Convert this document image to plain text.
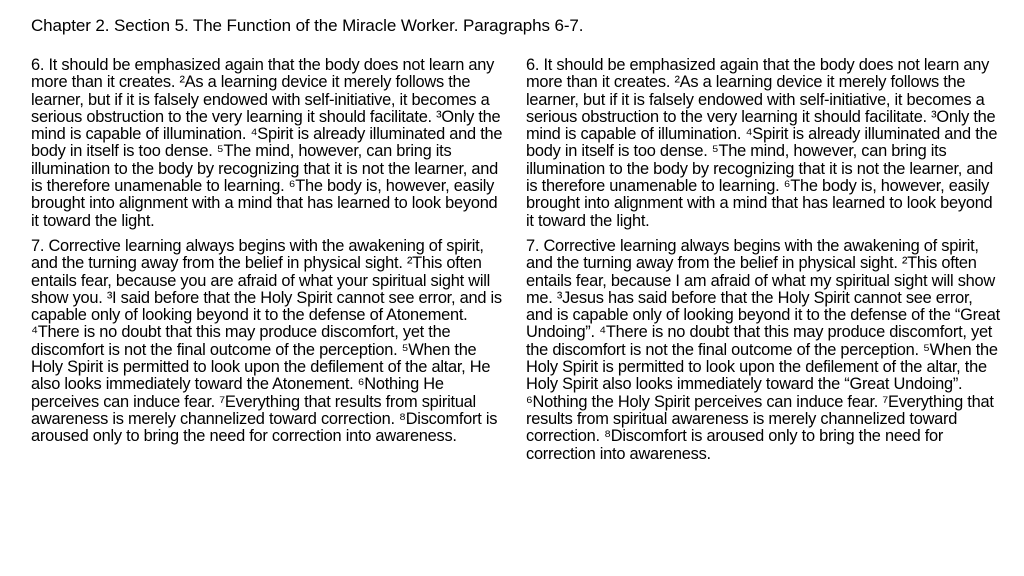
Chapter 2. Section 5. The Function of the Miracle Worker. Paragraphs 6-7.

6. It should be emphasized again that the body does not learn any more than it creates. ²As a learning device it merely follows the learner, but if it is falsely endowed with self-initiative, it becomes a serious obstruction to the very learning it should facilitate. ³Only the mind is capable of illumination. ⁴Spirit is already illuminated and the body in itself is too dense. ⁵The mind, however, can bring its illumination to the body by recognizing that it is not the learner, and is therefore unamenable to learning. ⁶The body is, however, easily brought into alignment with a mind that has learned to look beyond it toward the light.

7. Corrective learning always begins with the awakening of spirit, and the turning away from the belief in physical sight. ²This often entails fear, because you are afraid of what your spiritual sight will show you. ³I said before that the Holy Spirit cannot see error, and is capable only of looking beyond it to the defense of Atonement. ⁴There is no doubt that this may produce discomfort, yet the discomfort is not the final outcome of the perception. ⁵When the Holy Spirit is permitted to look upon the defilement of the altar, He also looks immediately toward the Atonement. ⁶Nothing He perceives can induce fear. ⁷Everything that results from spiritual awareness is merely channelized toward correction. ⁸Discomfort is aroused only to bring the need for correction into awareness.

6. It should be emphasized again that the body does not learn any more than it creates. ²As a learning device it merely follows the learner, but if it is falsely endowed with self-initiative, it becomes a serious obstruction to the very learning it should facilitate. ³Only the mind is capable of illumination. ⁴Spirit is already illuminated and the body in itself is too dense. ⁵The mind, however, can bring its illumination to the body by recognizing that it is not the learner, and is therefore unamenable to learning. ⁶The body is, however, easily brought into alignment with a mind that has learned to look beyond it toward the light.

7. Corrective learning always begins with the awakening of spirit, and the turning away from the belief in physical sight. ²This often entails fear, because I am afraid of what my spiritual sight will show me. ³Jesus has said before that the Holy Spirit cannot see error, and is capable only of looking beyond it to the defense of the “Great Undoing”. ⁴There is no doubt that this may produce discomfort, yet the discomfort is not the final outcome of the perception. ⁵When the Holy Spirit is permitted to look upon the defilement of the altar, the Holy Spirit also looks immediately toward the “Great Undoing”. ⁶Nothing the Holy Spirit perceives can induce fear. ⁷Everything that results from spiritual awareness is merely channelized toward correction. ⁸Discomfort is aroused only to bring the need for correction into awareness.
